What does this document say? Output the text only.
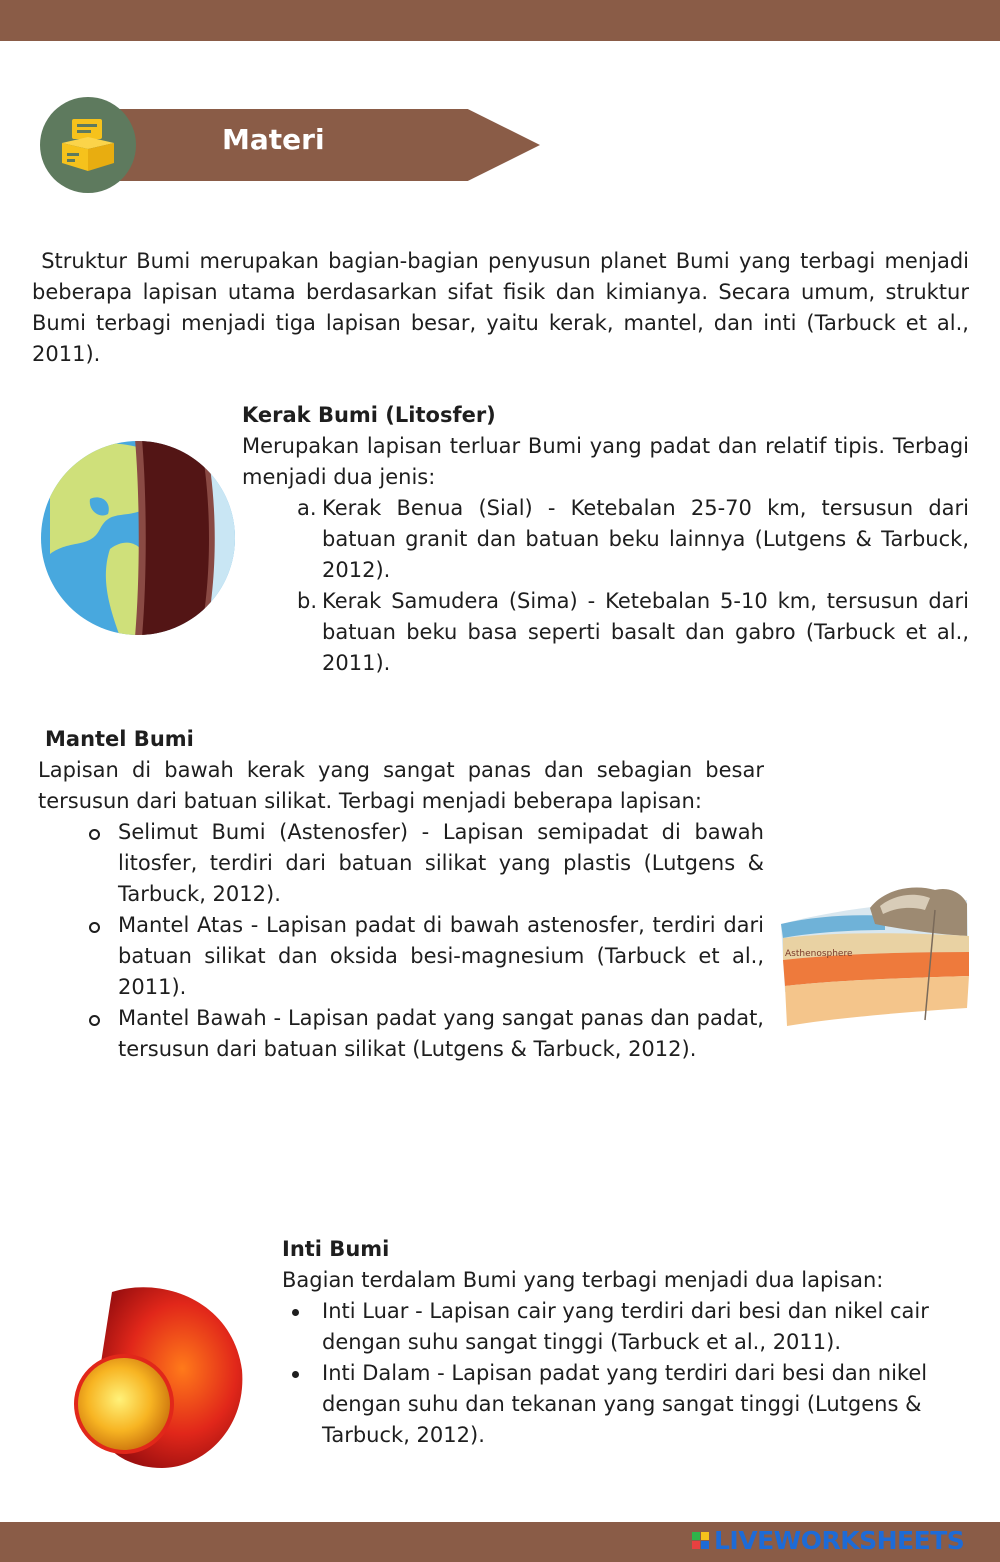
Materi

Struktur Bumi merupakan bagian-bagian penyusun planet Bumi yang terbagi menjadi beberapa lapisan utama berdasarkan sifat fisik dan kimianya. Secara umum, struktur Bumi terbagi menjadi tiga lapisan besar, yaitu kerak, mantel, dan inti (Tarbuck et al., 2011).

Kerak Bumi (Litosfer)

Merupakan lapisan terluar Bumi yang padat dan relatif tipis. Terbagi menjadi dua jenis:

a. Kerak Benua (Sial) - Ketebalan 25-70 km, tersusun dari batuan granit dan batuan beku lainnya (Lutgens & Tarbuck, 2012).
b. Kerak Samudera (Sima) - Ketebalan 5-10 km, tersusun dari batuan beku basa seperti basalt dan gabro (Tarbuck et al., 2011).

Mantel Bumi

Lapisan di bawah kerak yang sangat panas dan sebagian besar tersusun dari batuan silikat. Terbagi menjadi beberapa lapisan:

Selimut Bumi (Astenosfer) - Lapisan semipadat di bawah litosfer, terdiri dari batuan silikat yang plastis (Lutgens & Tarbuck, 2012).
Mantel Atas - Lapisan padat di bawah astenosfer, terdiri dari batuan silikat dan oksida besi-magnesium (Tarbuck et al., 2011).
Mantel Bawah - Lapisan padat yang sangat panas dan padat, tersusun dari batuan silikat (Lutgens & Tarbuck, 2012).
Asthenosphere

Inti Bumi

Bagian terdalam Bumi yang terbagi menjadi dua lapisan:

Inti Luar - Lapisan cair yang terdiri dari besi dan nikel cair dengan suhu sangat tinggi (Tarbuck et al., 2011).
Inti Dalam - Lapisan padat yang terdiri dari besi dan nikel dengan suhu dan tekanan yang sangat tinggi (Lutgens & Tarbuck, 2012).
LIVEWORKSHEETS
